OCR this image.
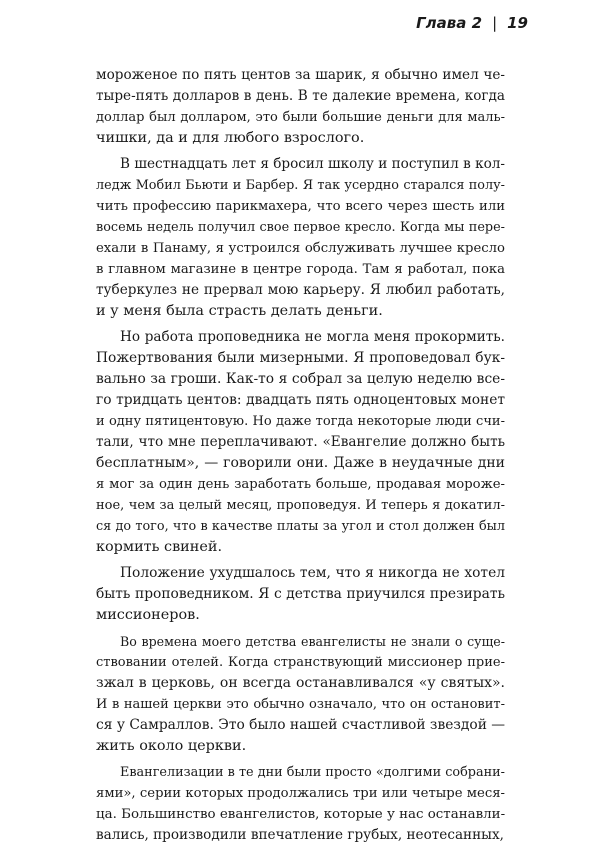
Глава 2 | 19

мороженое по пять центов за шарик, я обычно имел че-
тыре-пять долларов в день. В те далекие времена, когда
доллар был долларом, это были большие деньги для маль-
чишки, да и для любого взрослого.

В шестнадцать лет я бросил школу и поступил в кол-
ледж Мобил Бьюти и Барбер. Я так усердно старался полу-
чить профессию парикмахера, что всего через шесть или
восемь недель получил свое первое кресло. Когда мы пере-
ехали в Панаму, я устроился обслуживать лучшее кресло
в главном магазине в центре города. Там я работал, пока
туберкулез не прервал мою карьеру. Я любил работать,
и у меня была страсть делать деньги.

Но работа проповедника не могла меня прокормить.
Пожертвования были мизерными. Я проповедовал бук-
вально за гроши. Как-то я собрал за целую неделю все-
го тридцать центов: двадцать пять одноцентовых монет
и одну пятицентовую. Но даже тогда некоторые люди счи-
тали, что мне переплачивают. «Евангелие должно быть
бесплатным», — говорили они. Даже в неудачные дни
я мог за один день заработать больше, продавая мороже-
ное, чем за целый месяц, проповедуя. И теперь я докатил-
ся до того, что в качестве платы за угол и стол должен был
кормить свиней.

Положение ухудшалось тем, что я никогда не хотел
быть проповедником. Я с детства приучился презирать
миссионеров.

Во времена моего детства евангелисты не знали о суще-
ствовании отелей. Когда странствующий миссионер прие-
зжал в церковь, он всегда останавливался «у святых».
И в нашей церкви это обычно означало, что он остановит-
ся у Самраллов. Это было нашей счастливой звездой —
жить около церкви.

Евангелизации в те дни были просто «долгими собрани-
ями», серии которых продолжались три или четыре меся-
ца. Большинство евангелистов, которые у нас останавли-
вались, производили впечатление грубых, неотесанных,
